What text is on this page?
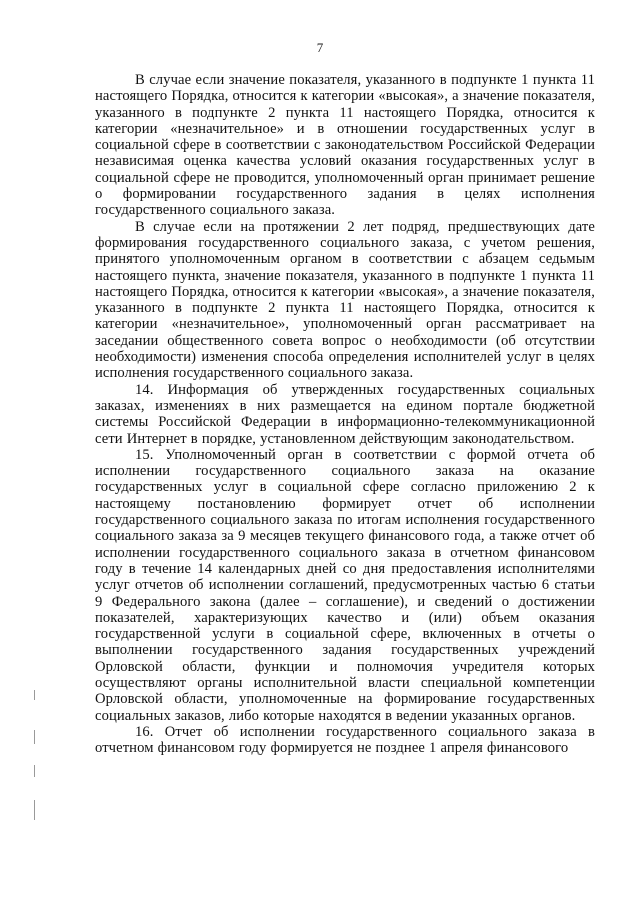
7

В случае если значение показателя, указанного в подпункте 1 пункта 11 настоящего Порядка, относится к категории «высокая», а значение показателя, указанного в подпункте 2 пункта 11 настоящего Порядка, относится к категории «незначительное» и в отношении государственных услуг в социальной сфере в соответствии с законодательством Российской Федерации независимая оценка качества условий оказания государственных услуг в социальной сфере не проводится, уполномоченный орган принимает решение о формировании государственного задания в целях исполнения государственного социального заказа.

В случае если на протяжении 2 лет подряд, предшествующих дате формирования государственного социального заказа, с учетом решения, принятого уполномоченным органом в соответствии с абзацем седьмым настоящего пункта, значение показателя, указанного в подпункте 1 пункта 11 настоящего Порядка, относится к категории «высокая», а значение показателя, указанного в подпункте 2 пункта 11 настоящего Порядка, относится к категории «незначительное», уполномоченный орган рассматривает на заседании общественного совета вопрос о необходимости (об отсутствии необходимости) изменения способа определения исполнителей услуг в целях исполнения государственного социального заказа.

14. Информация об утвержденных государственных социальных заказах, изменениях в них размещается на едином портале бюджетной системы Российской Федерации в информационно-телекоммуникационной сети Интернет в порядке, установленном действующим законодательством.

15. Уполномоченный орган в соответствии с формой отчета об исполнении государственного социального заказа на оказание государственных услуг в социальной сфере согласно приложению 2 к настоящему постановлению формирует отчет об исполнении государственного социального заказа по итогам исполнения государственного социального заказа за 9 месяцев текущего финансового года, а также отчет об исполнении государственного социального заказа в отчетном финансовом году в течение 14 календарных дней со дня предоставления исполнителями услуг отчетов об исполнении соглашений, предусмотренных частью 6 статьи 9 Федерального закона (далее – соглашение), и сведений о достижении показателей, характеризующих качество и (или) объем оказания государственной услуги в социальной сфере, включенных в отчеты о выполнении государственного задания государственных учреждений Орловской области, функции и полномочия учредителя которых осуществляют органы исполнительной власти специальной компетенции Орловской области, уполномоченные на формирование государственных социальных заказов, либо которые находятся в ведении указанных органов.

16. Отчет об исполнении государственного социального заказа в отчетном финансовом году формируется не позднее 1 апреля финансового
